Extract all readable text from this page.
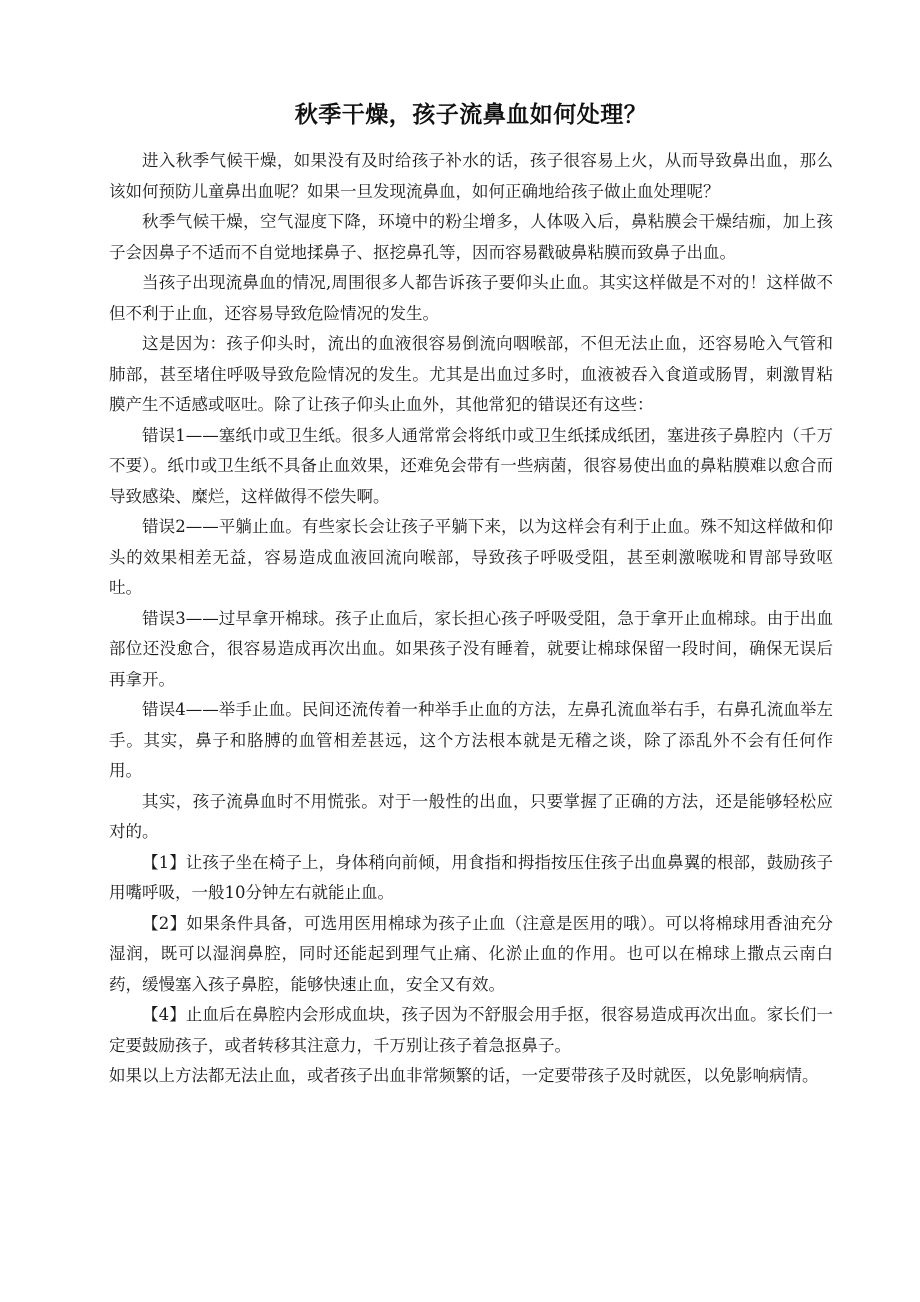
秋季干燥，孩子流鼻血如何处理？

进入秋季气候干燥，如果没有及时给孩子补水的话，孩子很容易上火，从而导致鼻出血，那么该如何预防儿童鼻出血呢？如果一旦发现流鼻血，如何正确地给孩子做止血处理呢？

秋季气候干燥，空气湿度下降，环境中的粉尘增多，人体吸入后，鼻粘膜会干燥结痂，加上孩子会因鼻子不适而不自觉地揉鼻子、抠挖鼻孔等，因而容易戳破鼻粘膜而致鼻子出血。

当孩子出现流鼻血的情况,周围很多人都告诉孩子要仰头止血。其实这样做是不对的！这样做不但不利于止血，还容易导致危险情况的发生。

这是因为：孩子仰头时，流出的血液很容易倒流向咽喉部，不但无法止血，还容易呛入气管和肺部，甚至堵住呼吸导致危险情况的发生。尤其是出血过多时，血液被吞入食道或肠胃，刺激胃粘膜产生不适感或呕吐。除了让孩子仰头止血外，其他常犯的错误还有这些：

错误1——塞纸巾或卫生纸。很多人通常常会将纸巾或卫生纸揉成纸团，塞进孩子鼻腔内（千万不要）。纸巾或卫生纸不具备止血效果，还难免会带有一些病菌，很容易使出血的鼻粘膜难以愈合而导致感染、糜烂，这样做得不偿失啊。

错误2——平躺止血。有些家长会让孩子平躺下来，以为这样会有利于止血。殊不知这样做和仰头的效果相差无益，容易造成血液回流向喉部，导致孩子呼吸受阻，甚至刺激喉咙和胃部导致呕吐。

错误3——过早拿开棉球。孩子止血后，家长担心孩子呼吸受阻，急于拿开止血棉球。由于出血部位还没愈合，很容易造成再次出血。如果孩子没有睡着，就要让棉球保留一段时间，确保无误后再拿开。

错误4——举手止血。民间还流传着一种举手止血的方法，左鼻孔流血举右手，右鼻孔流血举左手。其实，鼻子和胳膊的血管相差甚远，这个方法根本就是无稽之谈，除了添乱外不会有任何作用。

其实，孩子流鼻血时不用慌张。对于一般性的出血，只要掌握了正确的方法，还是能够轻松应对的。

【1】让孩子坐在椅子上，身体稍向前倾，用食指和拇指按压住孩子出血鼻翼的根部，鼓励孩子用嘴呼吸，一般10分钟左右就能止血。

【2】如果条件具备，可选用医用棉球为孩子止血（注意是医用的哦）。可以将棉球用香油充分湿润，既可以湿润鼻腔，同时还能起到理气止痛、化淤止血的作用。也可以在棉球上撒点云南白药，缓慢塞入孩子鼻腔，能够快速止血，安全又有效。

【4】止血后在鼻腔内会形成血块，孩子因为不舒服会用手抠，很容易造成再次出血。家长们一定要鼓励孩子，或者转移其注意力，千万别让孩子着急抠鼻子。

如果以上方法都无法止血，或者孩子出血非常频繁的话，一定要带孩子及时就医，以免影响病情。
